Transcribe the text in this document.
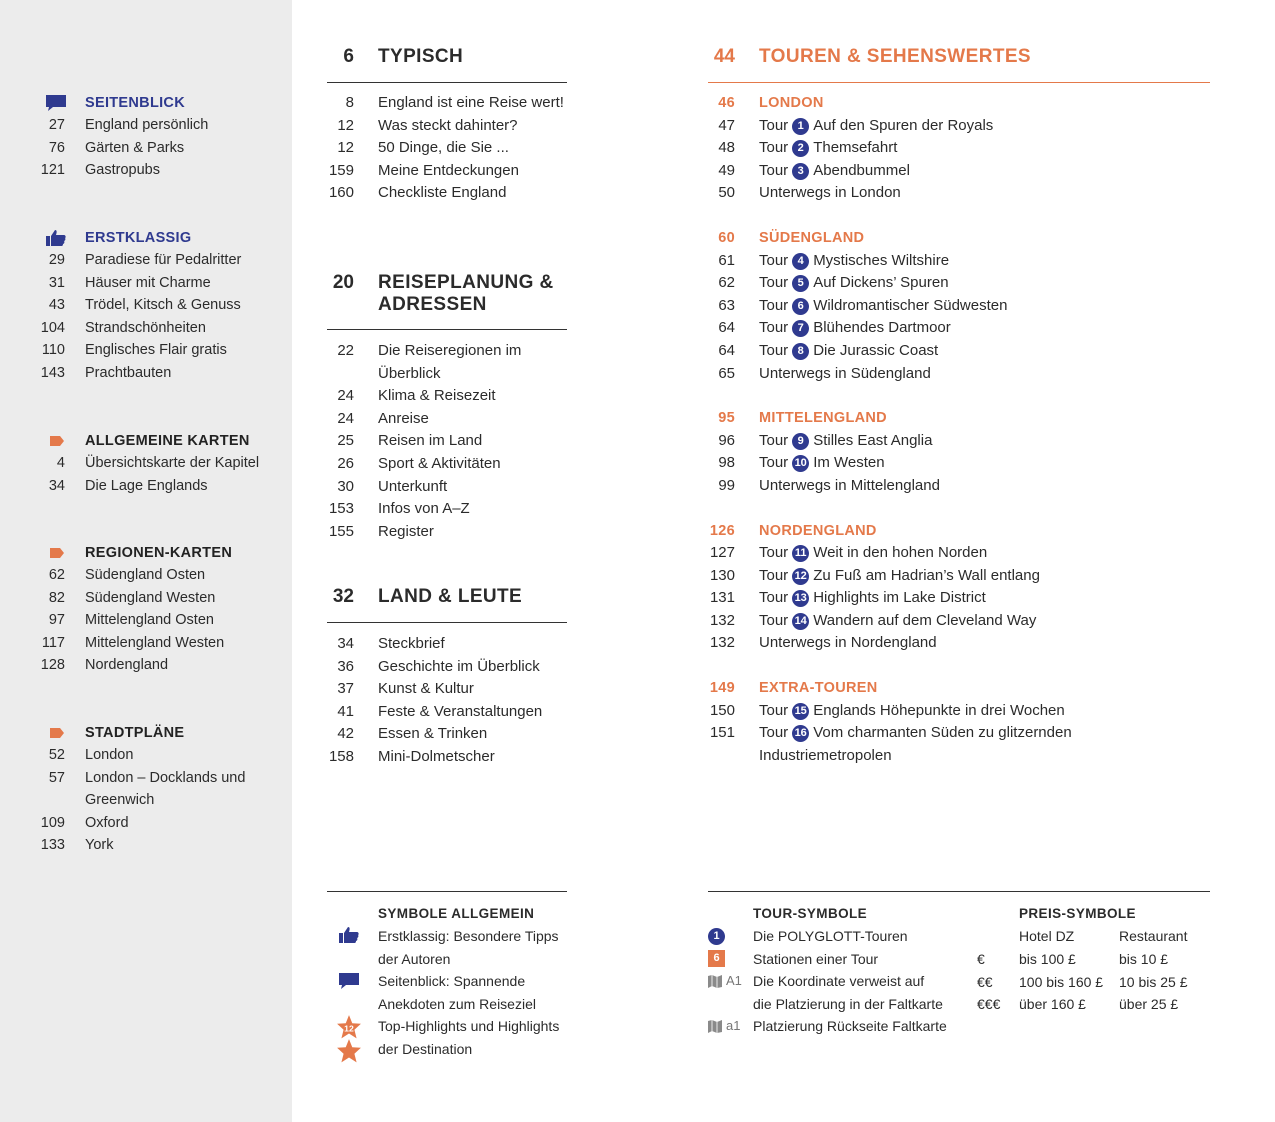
SEITENBLICK
27 England persönlich
76 Gärten & Parks
121 Gastropubs
ERSTKLASSIG
29 Paradiese für Pedalritter
31 Häuser mit Charme
43 Trödel, Kitsch & Genuss
104 Strandschönheiten
110 Englisches Flair gratis
143 Prachtbauten
ALLGEMEINE KARTEN
4 Übersichtskarte der Kapitel
34 Die Lage Englands
REGIONEN-KARTEN
62 Südengland Osten
82 Südengland Westen
97 Mittelengland Osten
117 Mittelengland Westen
128 Nordengland
STADTPLÄNE
52 London
57 London – Docklands und
Greenwich
109 Oxford
133 York
6 TYPISCH
8 England ist eine Reise wert!
12 Was steckt dahinter?
12 50 Dinge, die Sie ...
159 Meine Entdeckungen
160 Checkliste England
20 REISEPLANUNG &
ADRESSEN
22 Die Reiseregionen im Überblick
24 Klima & Reisezeit
24 Anreise
25 Reisen im Land
26 Sport & Aktivitäten
30 Unterkunft
153 Infos von A–Z
155 Register
32 LAND & LEUTE
34 Steckbrief
36 Geschichte im Überblick
37 Kunst & Kultur
41 Feste & Veranstaltungen
42 Essen & Trinken
158 Mini-Dolmetscher
44 TOUREN & SEHENSWERTES
46 LONDON
47 Tour 1 Auf den Spuren der Royals
48 Tour 2 Themsefahrt
49 Tour 3 Abendbummel
50 Unterwegs in London
60 SÜDENGLAND
61 Tour 4 Mystisches Wiltshire
62 Tour 5 Auf Dickens’ Spuren
63 Tour 6 Wildromantischer Südwesten
64 Tour 7 Blühendes Dartmoor
64 Tour 8 Die Jurassic Coast
65 Unterwegs in Südengland
95 MITTELENGLAND
96 Tour 9 Stilles East Anglia
98 Tour 10 Im Westen
99 Unterwegs in Mittelengland
126 NORDENGLAND
127 Tour 11 Weit in den hohen Norden
130 Tour 12 Zu Fuß am Hadrian’s Wall entlang
131 Tour 13 Highlights im Lake District
132 Tour 14 Wandern auf dem Cleveland Way
132 Unterwegs in Nordengland
149 EXTRA-TOUREN
150 Tour 15 Englands Höhepunkte in drei Wochen
151 Tour 16 Vom charmanten Süden zu glitzernden
Industriemetropolen
SYMBOLE ALLGEMEIN
Erstklassig: Besondere Tipps der Autoren
Seitenblick: Spannende Anekdoten zum Reiseziel
12 Top-Highlights und Highlights der Destination
TOUR-SYMBOLE
1	Die POLYGLOTT-Touren
6	Stationen einer Tour
A1 Die Koordinate verweist auf
die Platzierung in der Faltkarte
a1 Platzierung Rückseite Faltkarte
PREIS-SYMBOLE
Hotel DZ	Restaurant
€ bis 100 £	bis 10 £
€€ 100 bis 160 £ 10 bis 25 £
€€€ über 160 £ über 25 £
